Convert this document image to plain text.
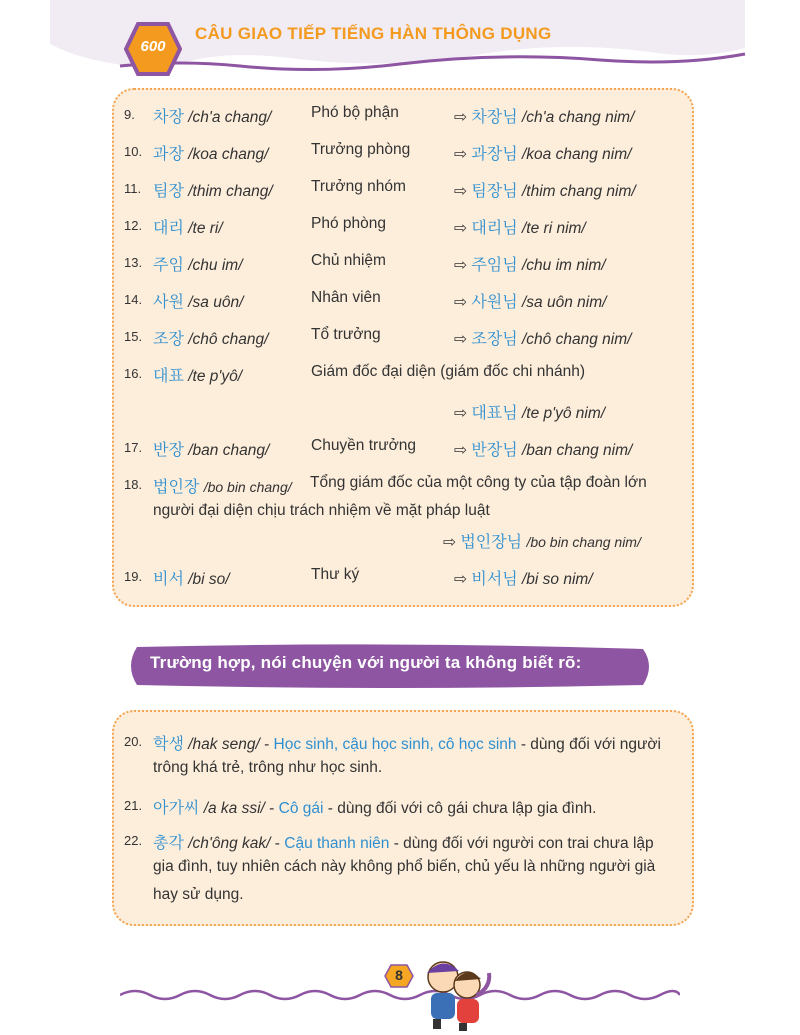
600
CÂU GIAO TIẾP TIẾNG HÀN THÔNG DỤNG
9. 차장 /ch'a chang/	Phó bộ phận	⇨ 차장님 /ch'a chang nim/
10. 과장 /koa chang/	Trưởng phòng	⇨ 과장님 /koa chang nim/
11. 팀장 /thim chang/ Trưởng nhóm	⇨ 팀장님 /thim chang nim/
12. 대리 /te ri/	Phó phòng	⇨ 대리님 /te ri nim/
13. 주임 /chu im/	Chủ nhiệm	⇨ 주임님 /chu im nim/
14. 사원 /sa uôn/	Nhân viên	⇨ 사원님 /sa uôn nim/
15. 조장 /chô chang/	Tổ trưởng	⇨ 조장님 /chô chang nim/
16. 대표 /te p'yô/	Giám đốc đại diện (giám đốc chi nhánh)
⇨ 대표님 /te p'yô nim/
17. 반장 /ban chang/	Chuyền trưởng ⇨ 반장님 /ban chang nim/
18. 법인장 /bo bin chang/ Tổng giám đốc của một công ty của tập đoàn lớn
người đại diện chịu trách nhiệm về mặt pháp luật
⇨ 법인장님 /bo bin chang nim/
19. 비서 /bi so/	Thư ký	⇨ 비서님 /bi so nim/
Trường hợp, nói chuyện với người ta không biết rõ:
20. 학생 /hak seng/ - Học sinh, cậu học sinh, cô học sinh - dùng đối với người
trông khá trẻ, trông như học sinh.
21. 아가씨 /a ka ssi/ - Cô gái - dùng đối với cô gái chưa lập gia đình.
22. 총각 /ch'ông kak/ - Cậu thanh niên - dùng đối với người con trai chưa lập
gia đình, tuy nhiên cách này không phổ biến, chủ yếu là những người già
hay sử dụng.
8
